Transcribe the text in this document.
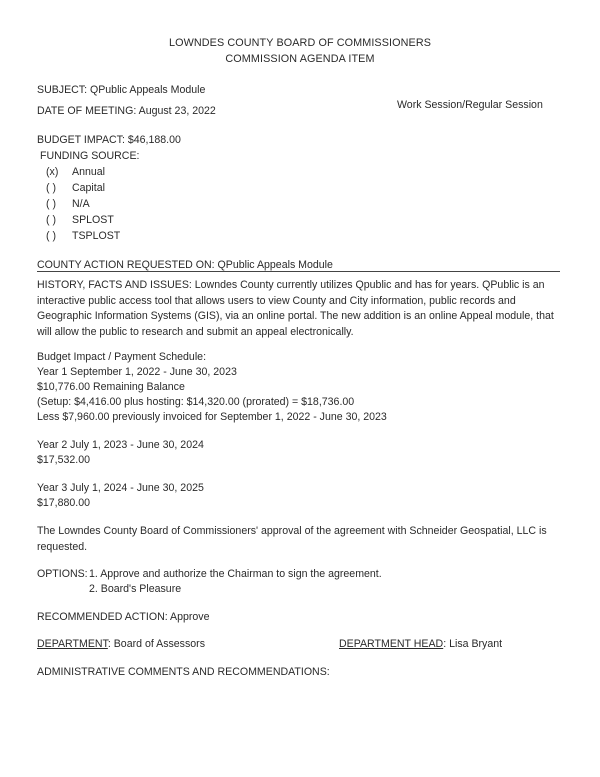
LOWNDES COUNTY BOARD OF COMMISSIONERS
COMMISSION AGENDA ITEM
SUBJECT: QPublic Appeals Module
DATE OF MEETING: August 23, 2022	Work Session/Regular Session
BUDGET IMPACT: $46,188.00
FUNDING SOURCE:
(x) Annual
( ) Capital
( ) N/A
( ) SPLOST
( ) TSPLOST
COUNTY ACTION REQUESTED ON: QPublic Appeals Module
HISTORY, FACTS AND ISSUES: Lowndes County currently utilizes Qpublic and has for years. QPublic is an interactive public access tool that allows users to view County and City information, public records and Geographic Information Systems (GIS), via an online portal. The new addition is an online Appeal module, that will allow the public to research and submit an appeal electronically.
Budget Impact / Payment Schedule:
Year 1 September 1, 2022 - June 30, 2023
$10,776.00 Remaining Balance
(Setup: $4,416.00 plus hosting: $14,320.00 (prorated) = $18,736.00
Less $7,960.00 previously invoiced for September 1, 2022 - June 30, 2023
Year 2 July 1, 2023 - June 30, 2024
$17,532.00
Year 3 July 1, 2024 - June 30, 2025
$17,880.00
The Lowndes County Board of Commissioners' approval of the agreement with Schneider Geospatial, LLC is requested.
OPTIONS: 1. Approve and authorize the Chairman to sign the agreement.
2. Board's Pleasure
RECOMMENDED ACTION: Approve
DEPARTMENT: Board of Assessors	DEPARTMENT HEAD: Lisa Bryant
ADMINISTRATIVE COMMENTS AND RECOMMENDATIONS:
